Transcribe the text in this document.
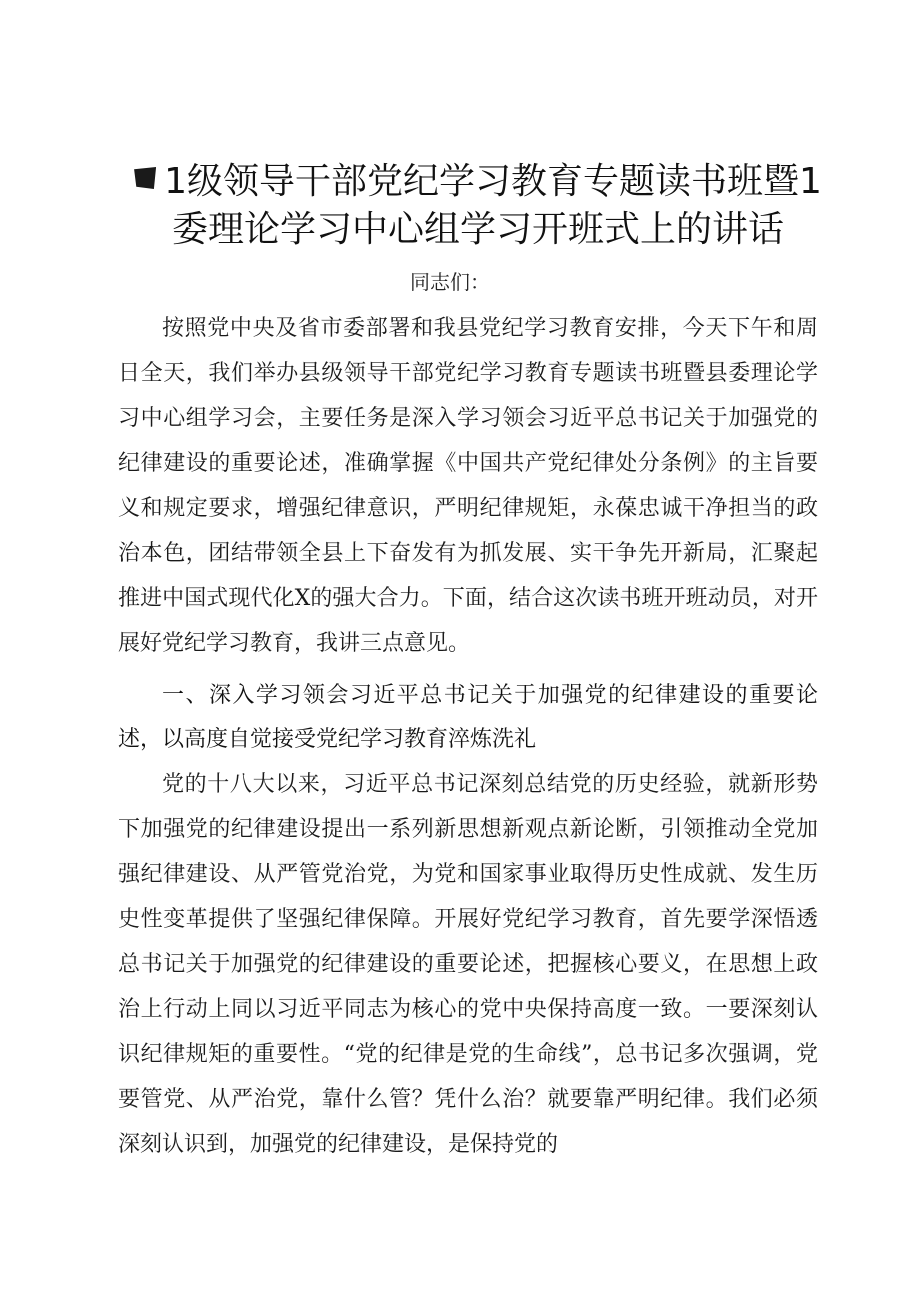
1级领导干部党纪学习教育专题读书班暨1
委理论学习中心组学习开班式上的讲话
同志们：

按照党中央及省市委部署和我县党纪学习教育安排，今天下午和周日全天，我们举办县级领导干部党纪学习教育专题读书班暨县委理论学习中心组学习会，主要任务是深入学习领会习近平总书记关于加强党的纪律建设的重要论述，准确掌握《中国共产党纪律处分条例》的主旨要义和规定要求，增强纪律意识，严明纪律规矩，永葆忠诚干净担当的政治本色，团结带领全县上下奋发有为抓发展、实干争先开新局，汇聚起推进中国式现代化X的强大合力。下面，结合这次读书班开班动员，对开展好党纪学习教育，我讲三点意见。

一、深入学习领会习近平总书记关于加强党的纪律建设的重要论述，以高度自觉接受党纪学习教育淬炼洗礼

党的十八大以来，习近平总书记深刻总结党的历史经验，就新形势下加强党的纪律建设提出一系列新思想新观点新论断，引领推动全党加强纪律建设、从严管党治党，为党和国家事业取得历史性成就、发生历史性变革提供了坚强纪律保障。开展好党纪学习教育，首先要学深悟透总书记关于加强党的纪律建设的重要论述，把握核心要义，在思想上政治上行动上同以习近平同志为核心的党中央保持高度一致。一要深刻认识纪律规矩的重要性。“党的纪律是党的生命线”，总书记多次强调，党要管党、从严治党，靠什么管？凭什么治？就要靠严明纪律。我们必须深刻认识到，加强党的纪律建设，是保持党的
